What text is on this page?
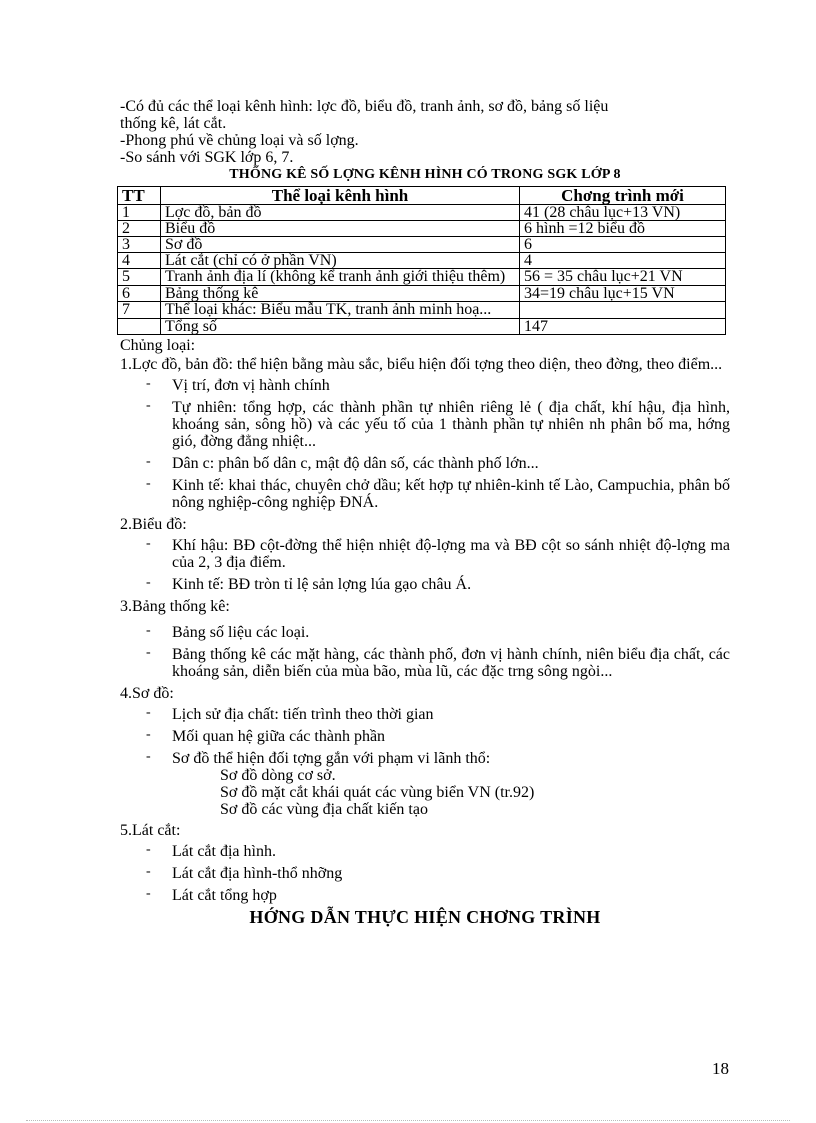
-Có đủ các thể loại kênh hình: lợc đồ, biểu đồ, tranh ảnh, sơ đồ, bảng số liệu
thống kê, lát cắt.
-Phong phú về chủng loại và số lợng.
-So sánh với SGK lớp 6, 7.
THỐNG KÊ SỐ LỢNG KÊNH HÌNH CÓ TRONG SGK LỚP 8
TT	Thể loại kênh hình	Chơng trình mới
1	Lợc đồ, bản đồ	41 (28 châu lục+13 VN)
2	Biểu đồ	6 hình =12 biểu đồ
3	Sơ đồ	6
4	Lát cắt (chỉ có ở phần VN)	4
5	Tranh ảnh địa lí (không kể tranh ảnh giới thiệu thêm)	56 = 35 châu lục+21 VN
6	Bảng thống kê	34=19 châu lục+15 VN
7	Thể loại khác: Biểu mẫu TK, tranh ảnh minh hoạ...	
	Tổng số	147
Chủng loại:
1.Lợc đồ, bản đồ: thể hiện bằng màu sắc, biểu hiện đối tợng theo diện, theo đờng, theo điểm...
- Vị trí, đơn vị hành chính
- Tự nhiên: tổng hợp, các thành phần tự nhiên riêng lẻ ( địa chất, khí hậu, địa hình, khoáng sản, sông hồ) và các yếu tố của 1 thành phần tự nhiên nh phân bố ma, hớng gió, đờng đẳng nhiệt...
- Dân c: phân bố dân c, mật độ dân số, các thành phố lớn...
- Kinh tế: khai thác, chuyên chở dầu; kết hợp tự nhiên-kinh tế Lào, Campuchia, phân bố nông nghiệp-công nghiệp ĐNÁ.
2.Biểu đồ:
- Khí hậu: BĐ cột-đờng thể hiện nhiệt độ-lợng ma và BĐ cột so sánh nhiệt độ-lợng ma của 2, 3 địa điểm.
- Kinh tế: BĐ tròn tỉ lệ sản lợng lúa gạo châu Á.
3.Bảng thống kê:
- Bảng số liệu các loại.
- Bảng thống kê các mặt hàng, các thành phố, đơn vị hành chính, niên biểu địa chất, các khoáng sản, diễn biến của mùa bão, mùa lũ, các đặc trng sông ngòi...
4.Sơ đồ:
- Lịch sử địa chất: tiến trình theo thời gian
- Mối quan hệ giữa các thành phần
- Sơ đồ thể hiện đối tợng gắn với phạm vi lãnh thổ:
Sơ đồ dòng cơ sở.
Sơ đồ mặt cắt khái quát các vùng biển VN (tr.92)
Sơ đồ các vùng địa chất kiến tạo
5.Lát cắt:
- Lát cắt địa hình.
- Lát cắt địa hình-thổ nhỡng
- Lát cắt tổng hợp
HỚNG DẪN THỰC HIỆN CHƠNG TRÌNH
18
